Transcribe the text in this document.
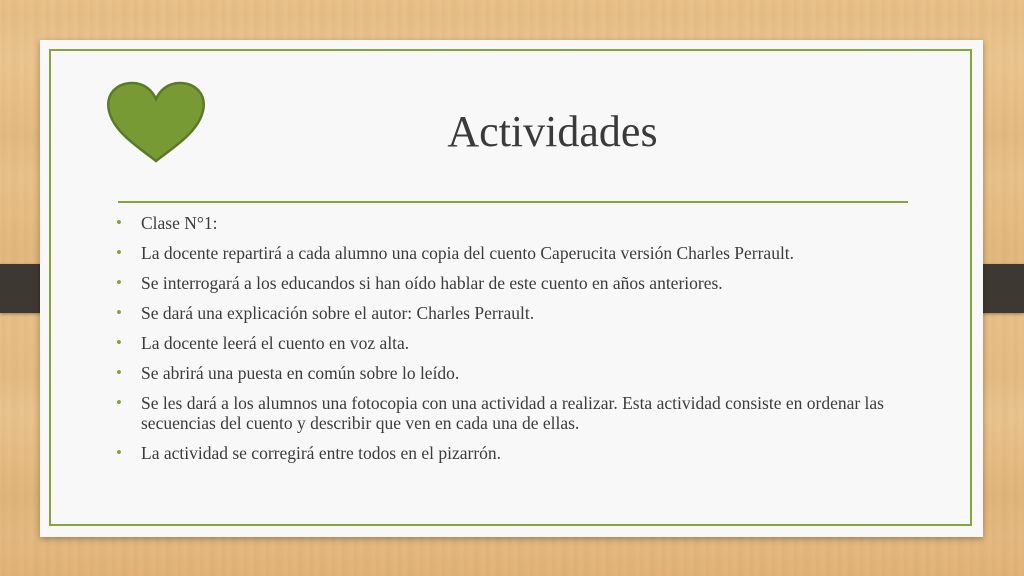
Actividades
• Clase N°1:
• La docente repartirá a cada alumno una copia del cuento Caperucita versión Charles Perrault.
• Se interrogará a los educandos si han oído hablar de este cuento en años anteriores.
• Se dará una explicación sobre el autor: Charles Perrault.
• La docente leerá el cuento en voz alta.
• Se abrirá una puesta en común sobre lo leído.
• Se les dará a los alumnos una fotocopia con una actividad a realizar. Esta actividad consiste en ordenar las secuencias del cuento y describir que ven en cada una de ellas.
• La actividad se corregirá entre todos en el pizarrón.
